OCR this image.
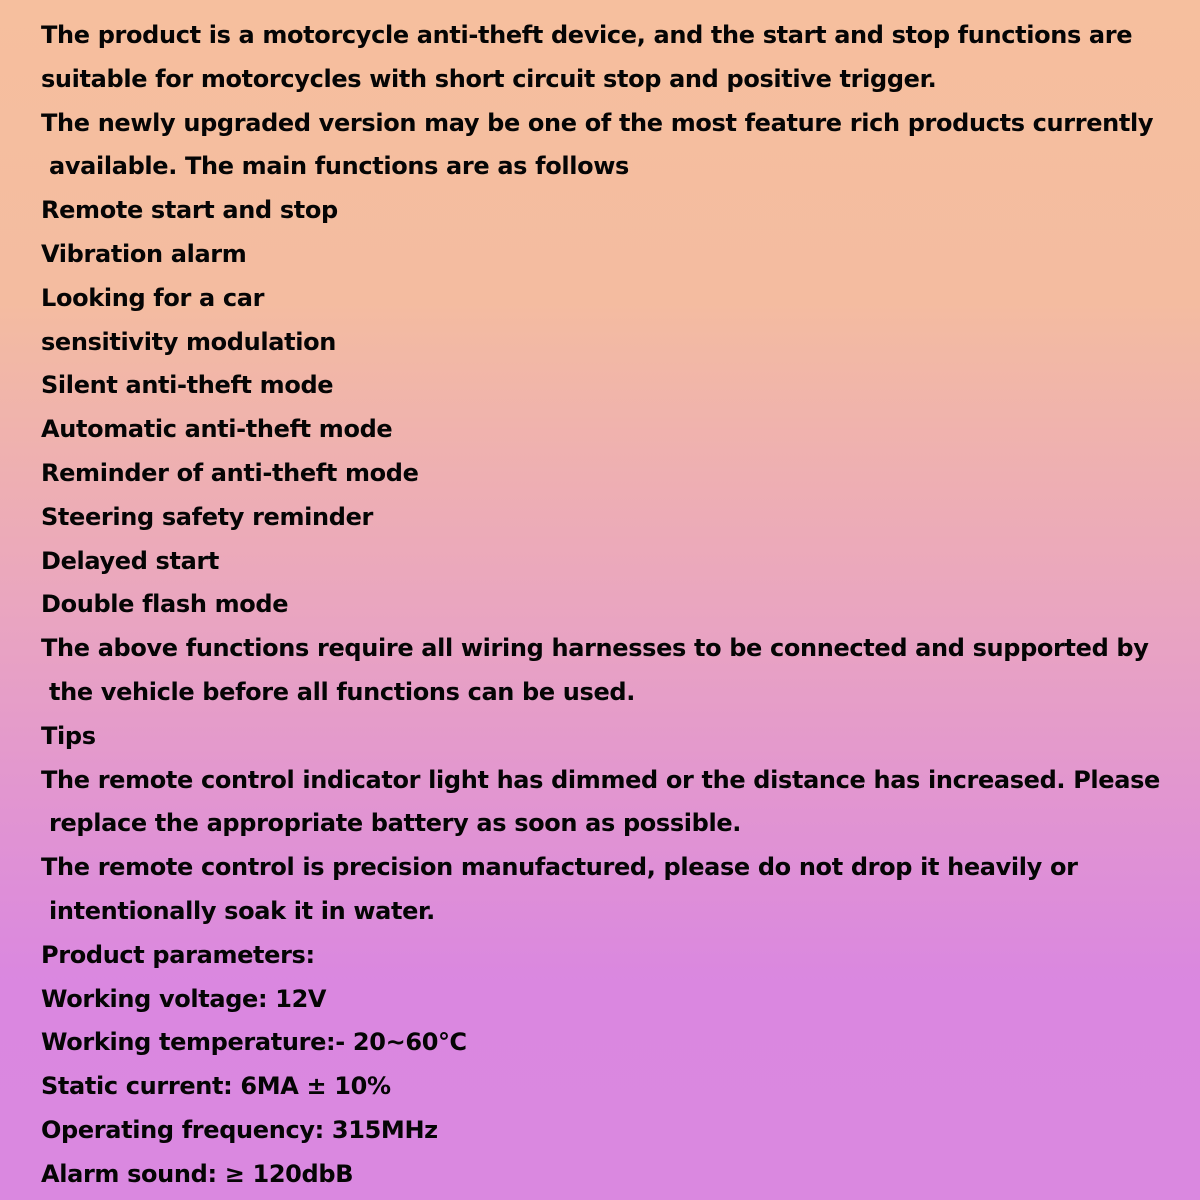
The product is a motorcycle anti-theft device, and the start and stop functions are
suitable for motorcycles with short circuit stop and positive trigger.
The newly upgraded version may be one of the most feature rich products currently
available. The main functions are as follows
Remote start and stop
Vibration alarm
Looking for a car
sensitivity modulation
Silent anti-theft mode
Automatic anti-theft mode
Reminder of anti-theft mode
Steering safety reminder
Delayed start
Double flash mode
The above functions require all wiring harnesses to be connected and supported by
the vehicle before all functions can be used.
Tips
The remote control indicator light has dimmed or the distance has increased. Please
replace the appropriate battery as soon as possible.
The remote control is precision manufactured, please do not drop it heavily or
intentionally soak it in water.
Product parameters:
Working voltage: 12V
Working temperature:- 20~60℃
Static current: 6MA ± 10%
Operating frequency: 315MHz
Alarm sound: ≥ 120dbB
